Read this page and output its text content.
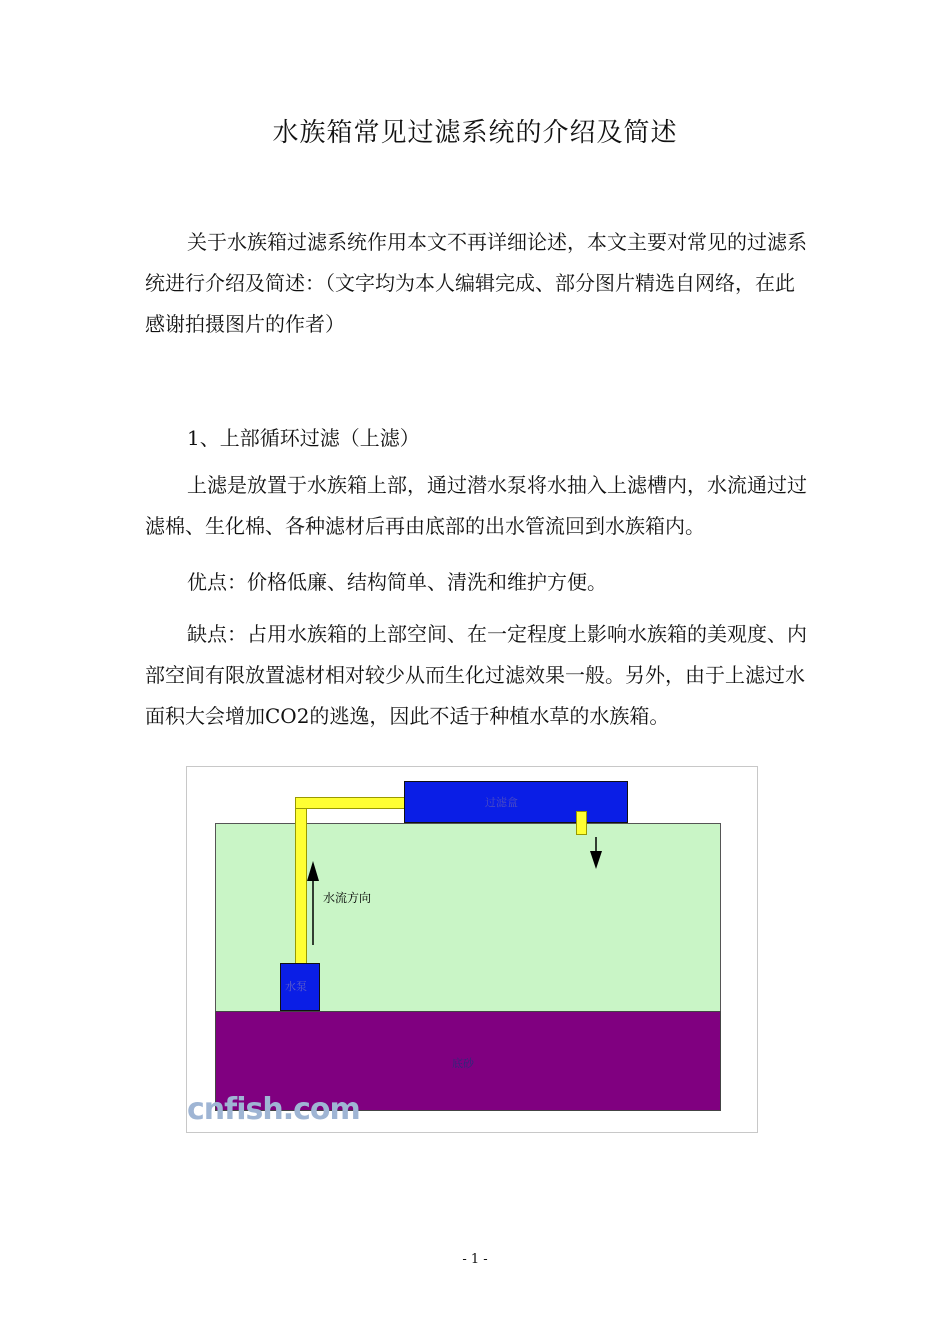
水族箱常见过滤系统的介绍及简述

关于水族箱过滤系统作用本文不再详细论述，本文主要对常见的过滤系统进行介绍及简述：（文字均为本人编辑完成、部分图片精选自网络，在此感谢拍摄图片的作者）

1、上部循环过滤（上滤）

上滤是放置于水族箱上部，通过潜水泵将水抽入上滤槽内，水流通过过滤棉、生化棉、各种滤材后再由底部的出水管流回到水族箱内。

优点：价格低廉、结构简单、清洗和维护方便。

缺点：占用水族箱的上部空间、在一定程度上影响水族箱的美观度、内部空间有限放置滤材相对较少从而生化过滤效果一般。另外，由于上滤过水面积大会增加CO2的逃逸，因此不适于种植水草的水族箱。

底砂
过滤盒
水泵
水流方向
cnfish.com
- 1 -
